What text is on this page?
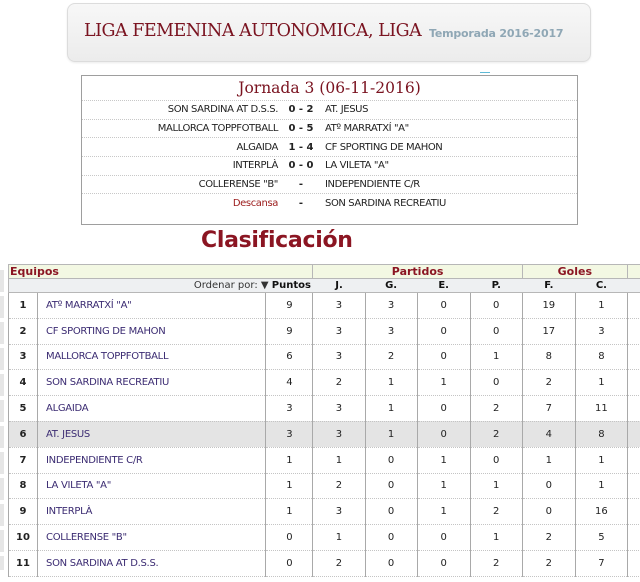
LIGA FEMENINA AUTONOMICA, LIGA Temporada 2016-2017
Jornada 3 (06-11-2016)
SON SARDINA AT D.S.S.	0 - 2	AT. JESUS
MALLORCA TOPPFOTBALL	0 - 5	ATº MARRATXÍ "A"
ALGAIDA	1 - 4	CF SPORTING DE MAHON
INTERPLÀ	0 - 0	LA VILETA "A"
COLLERENSE "B"	-	INDEPENDIENTE C/R
Descansa	-	SON SARDINA RECREATIU
Clasificación
Equipos			Partidos				Goles		
Ordenar por: ▼ Puntos			J.	G.	E.	P.	F.	C.	
1	ATº MARRATXÍ "A"	9	3	3	0	0	19	1	
2	CF SPORTING DE MAHON	9	3	3	0	0	17	3	
3	MALLORCA TOPPFOTBALL	6	3	2	0	1	8	8	
4	SON SARDINA RECREATIU	4	2	1	1	0	2	1	
5	ALGAIDA	3	3	1	0	2	7	11	
6	AT. JESUS	3	3	1	0	2	4	8	
7	INDEPENDIENTE C/R	1	1	0	1	0	1	1	
8	LA VILETA "A"	1	2	0	1	1	0	1	
9	INTERPLÀ	1	3	0	1	2	0	16	
10	COLLERENSE "B"	0	1	0	0	1	2	5	
11	SON SARDINA AT D.S.S.	0	2	0	0	2	2	7	
